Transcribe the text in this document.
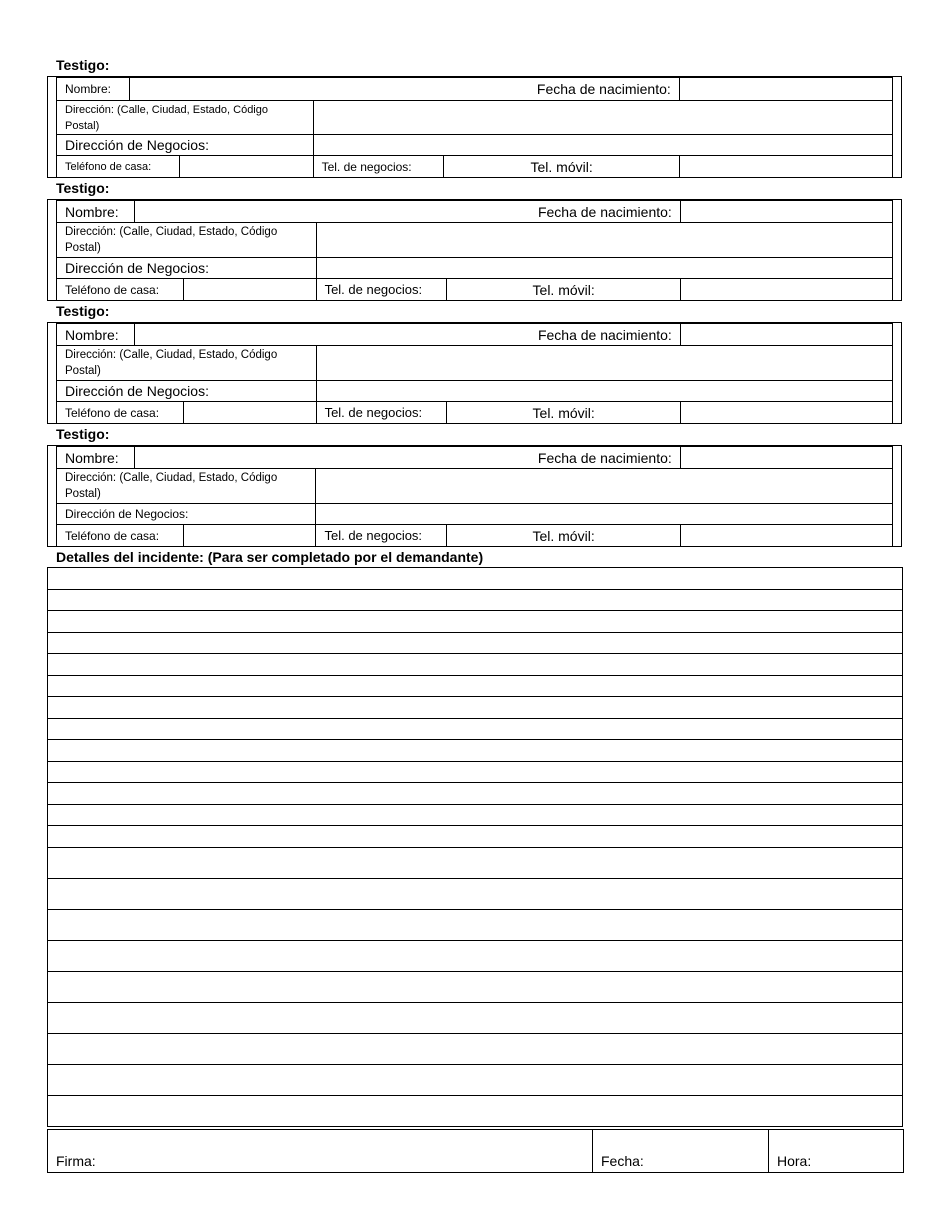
Testigo:
Nombre:	Fecha de nacimiento:				
Dirección: (Calle, Ciudad, Estado, Código Postal)					
Dirección de Negocios:					
Teléfono de casa:			Tel. de negocios:	Tel. móvil:	
Testigo:
Nombre:	Fecha de nacimiento:				
Dirección: (Calle, Ciudad, Estado, Código Postal)					
Dirección de Negocios:					
Teléfono de casa:			Tel. de negocios:	Tel. móvil:	
Testigo:
Nombre:	Fecha de nacimiento:				
Dirección: (Calle, Ciudad, Estado, Código Postal)					
Dirección de Negocios:					
Teléfono de casa:			Tel. de negocios:	Tel. móvil:	
Testigo:
Nombre:	Fecha de nacimiento:				
Dirección: (Calle, Ciudad, Estado, Código Postal)					
Dirección de Negocios:					
Teléfono de casa:			Tel. de negocios:	Tel. móvil:	
Detalles del incidente: (Para ser completado por el demandante)

Firma:	Fecha:	Hora:
